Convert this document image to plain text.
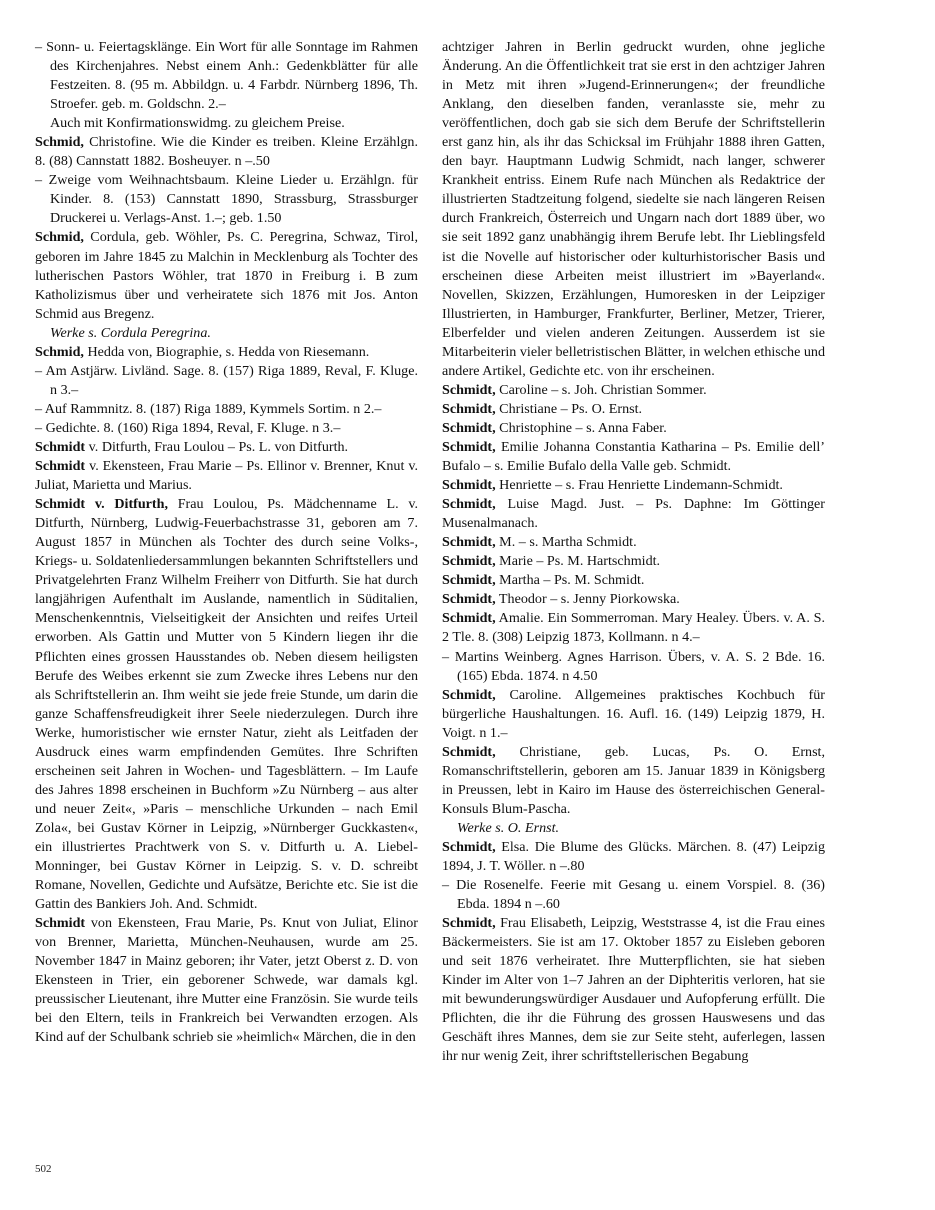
– Sonn- u. Feiertagsklänge. Ein Wort für alle Sonntage im Rahmen des Kirchenjahres. Nebst einem Anh.: Gedenkblätter für alle Festzeiten. 8. (95 m. Abbildgn. u. 4 Farbdr. Nürnberg 1896, Th. Stroefer. geb. m. Goldschn. 2.–

Auch mit Konfirmationswidmg. zu gleichem Preise.

Schmid, Christofine. Wie die Kinder es treiben. Kleine Erzählgn. 8. (88) Cannstatt 1882. Bosheuyer. n –.50

– Zweige vom Weihnachtsbaum. Kleine Lieder u. Erzählgn. für Kinder. 8. (153) Cannstatt 1890, Strassburg, Strassburger Druckerei u. Verlags-Anst. 1.–; geb. 1.50

Schmid, Cordula, geb. Wöhler, Ps. C. Peregrina, Schwaz, Tirol, geboren im Jahre 1845 zu Malchin in Mecklenburg als Tochter des lutherischen Pastors Wöhler, trat 1870 in Freiburg i. B zum Katholizismus über und verheiratete sich 1876 mit Jos. Anton Schmid aus Bregenz.

Werke s. Cordula Peregrina.

Schmid, Hedda von, Biographie, s. Hedda von Riesemann.

– Am Astjärw. Livländ. Sage. 8. (157) Riga 1889, Reval, F. Kluge. n 3.–

– Auf Rammnitz. 8. (187) Riga 1889, Kymmels Sortim. n 2.–

– Gedichte. 8. (160) Riga 1894, Reval, F. Kluge. n 3.–

Schmidt v. Ditfurth, Frau Loulou – Ps. L. von Ditfurth.

Schmidt v. Ekensteen, Frau Marie – Ps. Ellinor v. Brenner, Knut v. Juliat, Marietta und Marius.

Schmidt v. Ditfurth, Frau Loulou, Ps. Mädchenname L. v. Ditfurth, Nürnberg, Ludwig-Feuerbachstrasse 31, geboren am 7. August 1857 in München als Tochter des durch seine Volks-, Kriegs- u. Soldatenliedersammlungen bekannten Schriftstellers und Privatgelehrten Franz Wilhelm Freiherr von Ditfurth. Sie hat durch langjährigen Aufenthalt im Auslande, namentlich in Süditalien, Menschenkenntnis, Vielseitigkeit der Ansichten und reifes Urteil erworben. Als Gattin und Mutter von 5 Kindern liegen ihr die Pflichten eines grossen Hausstandes ob. Neben diesem heiligsten Berufe des Weibes erkennt sie zum Zwecke ihres Lebens nur den als Schriftstellerin an. Ihm weiht sie jede freie Stunde, um darin die ganze Schaffensfreudigkeit ihrer Seele niederzulegen. Durch ihre Werke, humoristischer wie ernster Natur, zieht als Leitfaden der Ausdruck eines warm empfindenden Gemütes. Ihre Schriften erscheinen seit Jahren in Wochen- und Tagesblättern. – Im Laufe des Jahres 1898 erscheinen in Buchform »Zu Nürnberg – aus alter und neuer Zeit«, »Paris – menschliche Urkunden – nach Emil Zola«, bei Gustav Körner in Leipzig, »Nürnberger Guckkasten«, ein illustriertes Prachtwerk von S. v. Ditfurth u. A. Liebel-Monninger, bei Gustav Körner in Leipzig. S. v. D. schreibt Romane, Novellen, Gedichte und Aufsätze, Berichte etc. Sie ist die Gattin des Bankiers Joh. And. Schmidt.

Schmidt von Ekensteen, Frau Marie, Ps. Knut von Juliat, Elinor von Brenner, Marietta, München-Neuhausen, wurde am 25. November 1847 in Mainz geboren; ihr Vater, jetzt Oberst z. D. von Ekensteen in Trier, ein geborener Schwede, war damals kgl. preussischer Lieutenant, ihre Mutter eine Französin. Sie wurde teils bei den Eltern, teils in Frankreich bei Verwandten erzogen. Als Kind auf der Schulbank schrieb sie »heimlich« Märchen, die in den

achtziger Jahren in Berlin gedruckt wurden, ohne jegliche Änderung. An die Öffentlichkeit trat sie erst in den achtziger Jahren in Metz mit ihren »Jugend-Erinnerungen«; der freundliche Anklang, den dieselben fanden, veranlasste sie, mehr zu veröffentlichen, doch gab sie sich dem Berufe der Schriftstellerin erst ganz hin, als ihr das Schicksal im Frühjahr 1888 ihren Gatten, den bayr. Hauptmann Ludwig Schmidt, nach langer, schwerer Krankheit entriss. Einem Rufe nach München als Redaktrice der illustrierten Stadtzeitung folgend, siedelte sie nach längeren Reisen durch Frankreich, Österreich und Ungarn nach dort 1889 über, wo sie seit 1892 ganz unabhängig ihrem Berufe lebt. Ihr Lieblingsfeld ist die Novelle auf historischer oder kulturhistorischer Basis und erscheinen diese Arbeiten meist illustriert im »Bayerland«. Novellen, Skizzen, Erzählungen, Humoresken in der Leipziger Illustrierten, in Hamburger, Frankfurter, Berliner, Metzer, Trierer, Elberfelder und vielen anderen Zeitungen. Ausserdem ist sie Mitarbeiterin vieler belletristischen Blätter, in welchen ethische und andere Artikel, Gedichte etc. von ihr erscheinen.

Schmidt, Caroline – s. Joh. Christian Sommer.

Schmidt, Christiane – Ps. O. Ernst.

Schmidt, Christophine – s. Anna Faber.

Schmidt, Emilie Johanna Constantia Katharina – Ps. Emilie dell’ Bufalo – s. Emilie Bufalo della Valle geb. Schmidt.

Schmidt, Henriette – s. Frau Henriette Lindemann-Schmidt.

Schmidt, Luise Magd. Just. – Ps. Daphne: Im Göttinger Musenalmanach.

Schmidt, M. – s. Martha Schmidt.

Schmidt, Marie – Ps. M. Hartschmidt.

Schmidt, Martha – Ps. M. Schmidt.

Schmidt, Theodor – s. Jenny Piorkowska.

Schmidt, Amalie. Ein Sommerroman. Mary Healey. Übers. v. A. S. 2 Tle. 8. (308) Leipzig 1873, Kollmann. n 4.–

– Martins Weinberg. Agnes Harrison. Übers, v. A. S. 2 Bde. 16. (165) Ebda. 1874. n 4.50

Schmidt, Caroline. Allgemeines praktisches Kochbuch für bürgerliche Haushaltungen. 16. Aufl. 16. (149) Leipzig 1879, H. Voigt. n 1.–

Schmidt, Christiane, geb. Lucas, Ps. O. Ernst, Romanschriftstellerin, geboren am 15. Januar 1839 in Königsberg in Preussen, lebt in Kairo im Hause des österreichischen General-Konsuls Blum-Pascha.

Werke s. O. Ernst.

Schmidt, Elsa. Die Blume des Glücks. Märchen. 8. (47) Leipzig 1894, J. T. Wöller. n –.80

– Die Rosenelfe. Feerie mit Gesang u. einem Vorspiel. 8. (36) Ebda. 1894 n –.60

Schmidt, Frau Elisabeth, Leipzig, Weststrasse 4, ist die Frau eines Bäckermeisters. Sie ist am 17. Oktober 1857 zu Eisleben geboren und seit 1876 verheiratet. Ihre Mutterpflichten, sie hat sieben Kinder im Alter von 1–7 Jahren an der Diphteritis verloren, hat sie mit bewunderungswürdiger Ausdauer und Aufopferung erfüllt. Die Pflichten, die ihr die Führung des grossen Hauswesens und das Geschäft ihres Mannes, dem sie zur Seite steht, auferlegen, lassen ihr nur wenig Zeit, ihrer schriftstellerischen Begabung

502
